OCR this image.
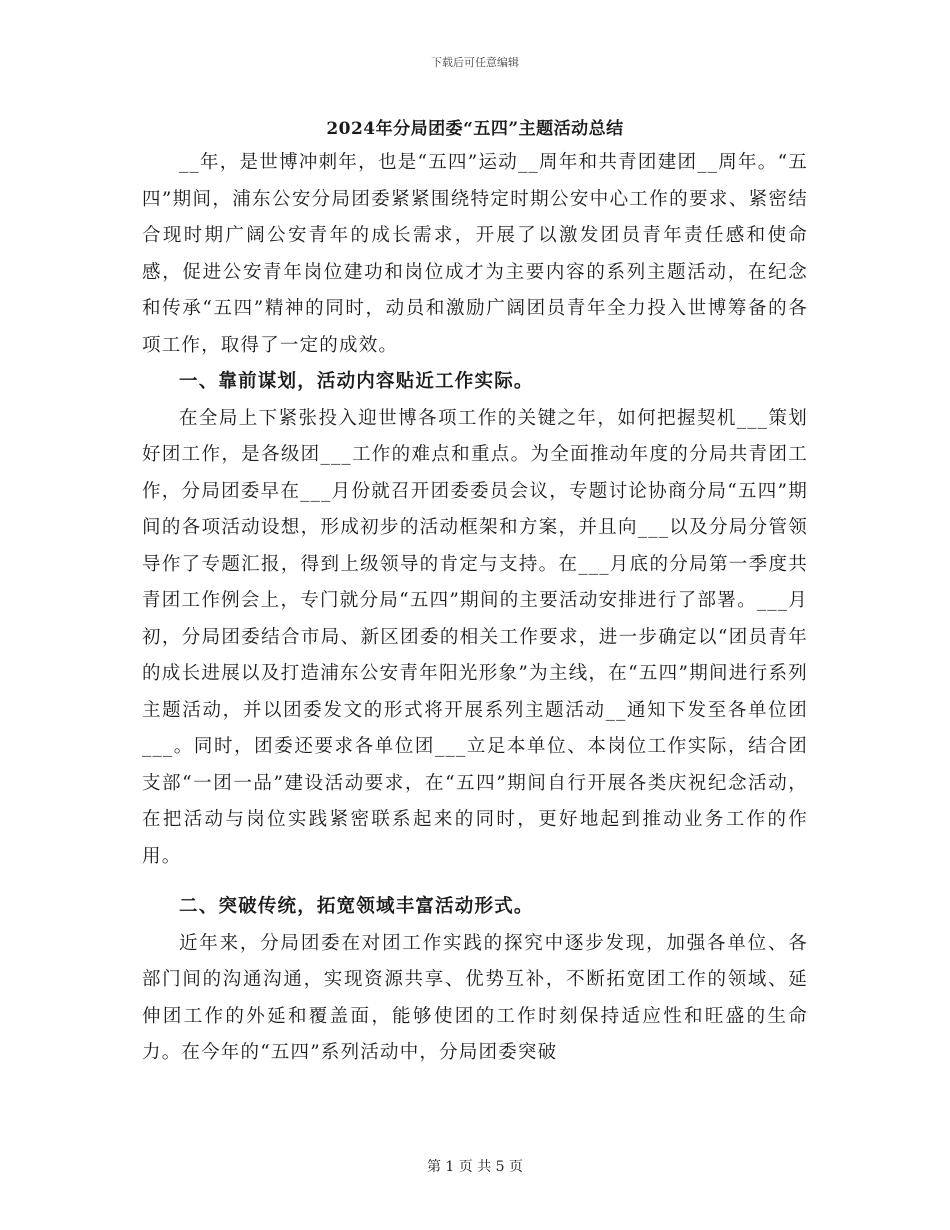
下载后可任意编辑
2024年分局团委“五四”主题活动总结

__年，是世博冲刺年，也是“五四”运动__周年和共青团建团__周年。“五四”期间，浦东公安分局团委紧紧围绕特定时期公安中心工作的要求、紧密结合现时期广阔公安青年的成长需求，开展了以激发团员青年责任感和使命感，促进公安青年岗位建功和岗位成才为主要内容的系列主题活动，在纪念和传承“五四”精神的同时，动员和激励广阔团员青年全力投入世博筹备的各项工作，取得了一定的成效。

一、靠前谋划，活动内容贴近工作实际。

在全局上下紧张投入迎世博各项工作的关键之年，如何把握契机___策划好团工作，是各级团___工作的难点和重点。为全面推动年度的分局共青团工作，分局团委早在___月份就召开团委委员会议，专题讨论协商分局“五四”期间的各项活动设想，形成初步的活动框架和方案，并且向___以及分局分管领导作了专题汇报，得到上级领导的肯定与支持。在___月底的分局第一季度共青团工作例会上，专门就分局“五四”期间的主要活动安排进行了部署。___月初，分局团委结合市局、新区团委的相关工作要求，进一步确定以“团员青年的成长进展以及打造浦东公安青年阳光形象”为主线，在“五四”期间进行系列主题活动，并以团委发文的形式将开展系列主题活动__通知下发至各单位团___。同时，团委还要求各单位团___立足本单位、本岗位工作实际，结合团支部“一团一品”建设活动要求，在“五四”期间自行开展各类庆祝纪念活动，在把活动与岗位实践紧密联系起来的同时，更好地起到推动业务工作的作用。

二、突破传统，拓宽领域丰富活动形式。

近年来，分局团委在对团工作实践的探究中逐步发现，加强各单位、各部门间的沟通沟通，实现资源共享、优势互补，不断拓宽团工作的领域、延伸团工作的外延和覆盖面，能够使团的工作时刻保持适应性和旺盛的生命力。在今年的“五四”系列活动中，分局团委突破

第 1 页 共 5 页
